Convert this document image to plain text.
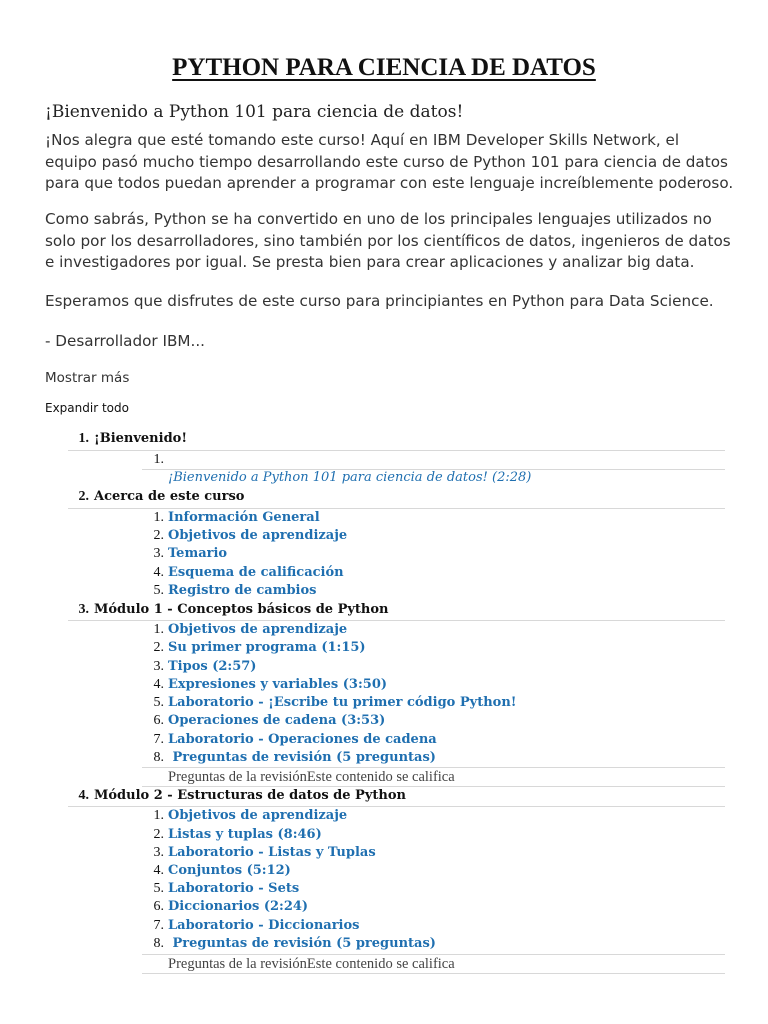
PYTHON PARA CIENCIA DE DATOS
¡Bienvenido a Python 101 para ciencia de datos!
¡Nos alegra que esté tomando este curso! Aquí en IBM Developer Skills Network, el equipo pasó mucho tiempo desarrollando este curso de Python 101 para ciencia de datos para que todos puedan aprender a programar con este lenguaje increíblemente poderoso.
Como sabrás, Python se ha convertido en uno de los principales lenguajes utilizados no solo por los desarrolladores, sino también por los científicos de datos, ingenieros de datos e investigadores por igual. Se presta bien para crear aplicaciones y analizar big data.
Esperamos que disfrutes de este curso para principiantes en Python para Data Science.
- Desarrollador IBM...
Mostrar más
Expandir todo
1. ¡Bienvenido!
1.
¡Bienvenido a Python 101 para ciencia de datos! (2:28)
2. Acerca de este curso
1. Información General
2. Objetivos de aprendizaje
3. Temario
4. Esquema de calificación
5. Registro de cambios
3. Módulo 1 - Conceptos básicos de Python
1. Objetivos de aprendizaje
2. Su primer programa (1:15)
3. Tipos (2:57)
4. Expresiones y variables (3:50)
5. Laboratorio - ¡Escribe tu primer código Python!
6. Operaciones de cadena (3:53)
7. Laboratorio - Operaciones de cadena
8. Preguntas de revisión (5 preguntas)
Preguntas de la revisiónEste contenido se califica
4. Módulo 2 - Estructuras de datos de Python
1. Objetivos de aprendizaje
2. Listas y tuplas (8:46)
3. Laboratorio - Listas y Tuplas
4. Conjuntos (5:12)
5. Laboratorio - Sets
6. Diccionarios (2:24)
7. Laboratorio - Diccionarios
8. Preguntas de revisión (5 preguntas)
Preguntas de la revisiónEste contenido se califica
